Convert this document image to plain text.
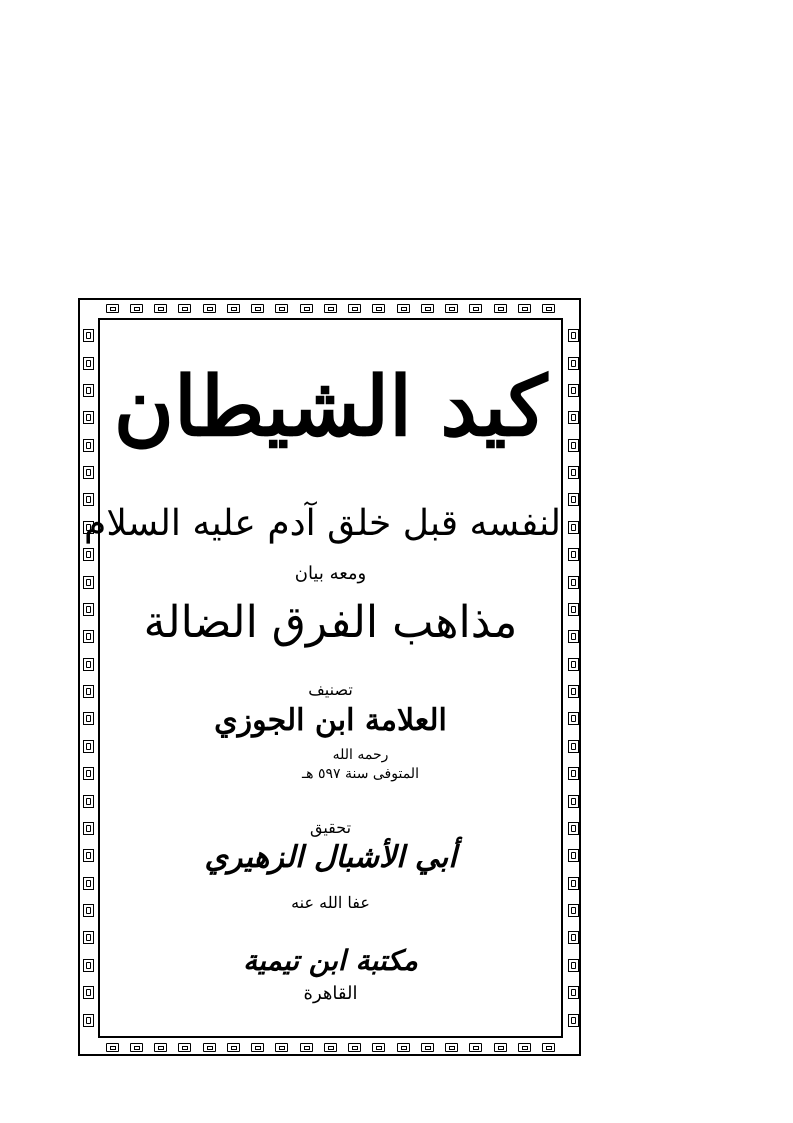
كيد الشيطان
لنفسه قبل خلق آدم عليه السلام
ومعه بيان
مذاهب الفرق الضالة
تصنيف
العلامة ابن الجوزي
رحمه الله
المتوفى سنة ٥٩٧ هـ
تحقيق
أبي الأشبال الزهيري
عفا الله عنه
مكتبة ابن تيمية
القاهرة
